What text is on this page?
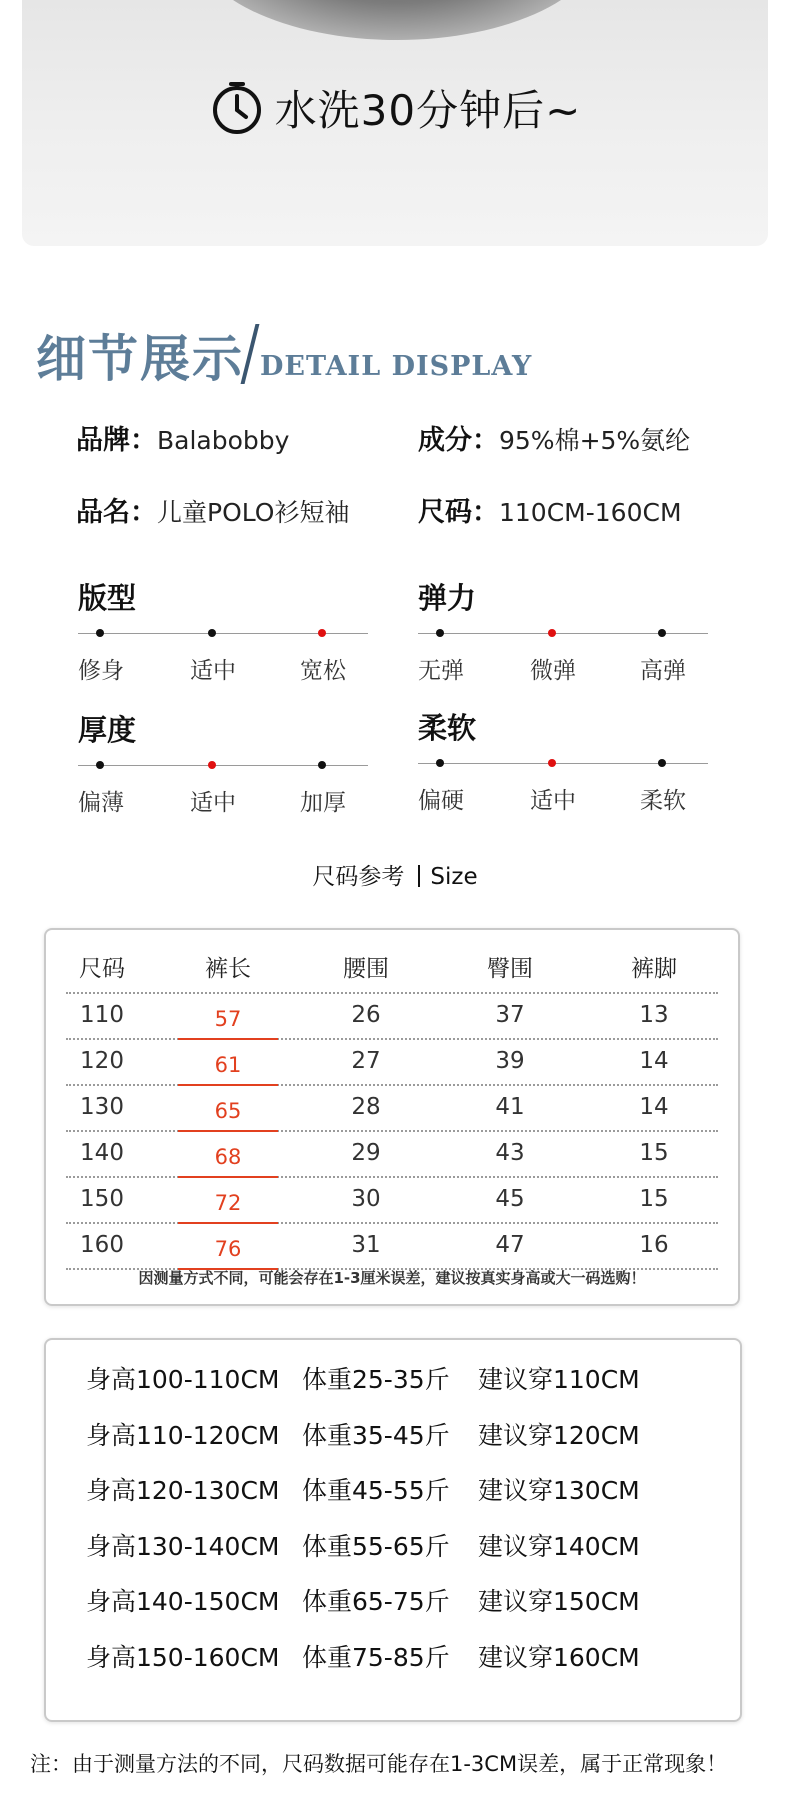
水洗30分钟后~
细节展示 DETAIL DISPLAY
品牌：Balabobby	成分：95%棉+5%氨纶
品名：儿童POLO衫短袖	尺码：110CM-160CM
版型
修身	适中	宽松
弹力
无弹	微弹	高弹
厚度
偏薄	适中	加厚
柔软
偏硬	适中	柔软
尺码参考 Size
尺码	裤长	腰围	臀围	裤脚
110	57	26	37	13
120	61	27	39	14
130	65	28	41	14
140	68	29	43	15
150	72	30	45	15
160	76	31	47	16
因测量方式不同，可能会存在1-3厘米误差，建议按真实身高或大一码选购！
身高100-110CM 体重25-35斤 建议穿110CM
身高110-120CM 体重35-45斤 建议穿120CM
身高120-130CM 体重45-55斤 建议穿130CM
身高130-140CM 体重55-65斤 建议穿140CM
身高140-150CM 体重65-75斤 建议穿150CM
身高150-160CM 体重75-85斤 建议穿160CM
注：由于测量方法的不同，尺码数据可能存在1-3CM误差，属于正常现象！
